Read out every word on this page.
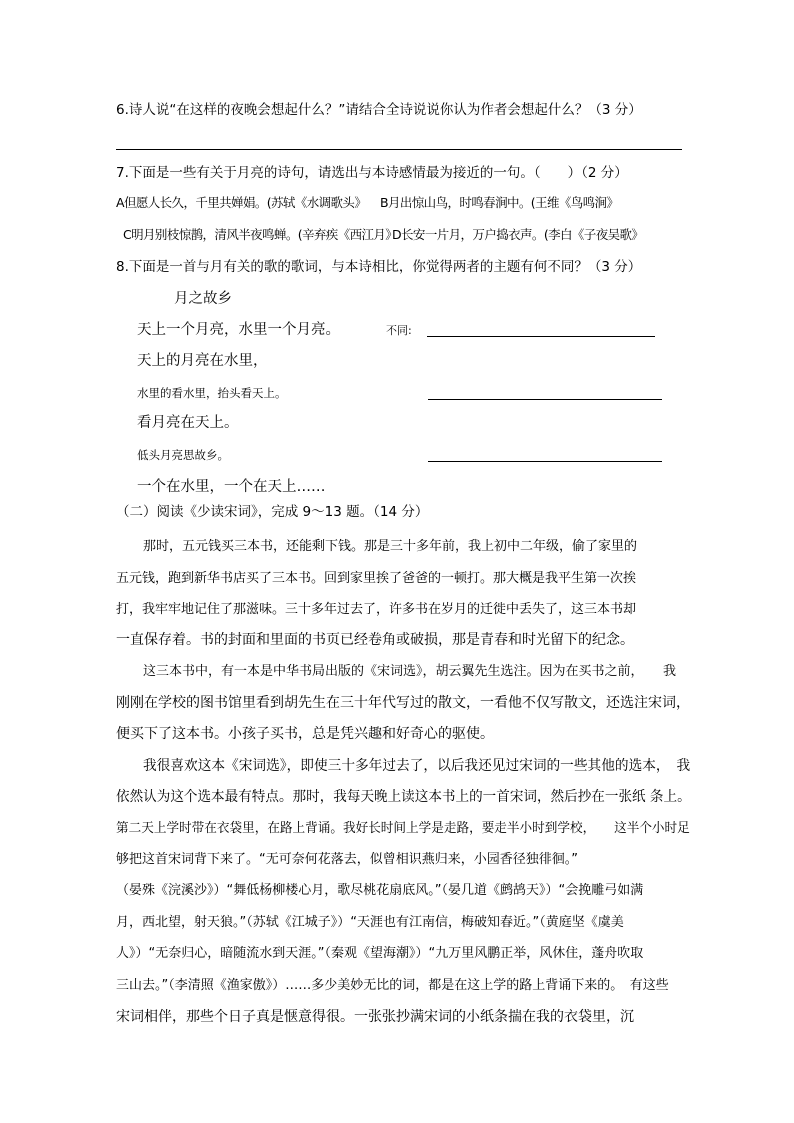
6.诗人说“在这样的夜晚会想起什么？”请结合全诗说说你认为作者会想起什么？（3 分）
7.下面是一些有关于月亮的诗句，请选出与本诗感情最为接近的一句。（　　）（2 分）
A但愿人长久，千里共婵娟。(苏轼《水调歌头》 B月出惊山鸟，时鸣春涧中。(王维《鸟鸣涧》
C明月别枝惊鹊，清风半夜鸣蝉。(辛弃疾《西江月》
D长安一片月，万户捣衣声。(李白《子夜吴歌》
8.下面是一首与月有关的歌的歌词，与本诗相比，你觉得两者的主题有何不同？（3 分）
月之故乡
天上一个月亮，水里一个月亮。	不同:
天上的月亮在水里，
水里的看水里，抬头看天上。
看月亮在天上。
低头月亮思故乡。
一个在水里，一个在天上……
（二）阅读《少读宋词》，完成 9～13 题。（14 分）
那时，五元钱买三本书，还能剩下钱。那是三十多年前，我上初中二年级，偷了家里的
五元钱，跑到新华书店买了三本书。回到家里挨了爸爸的一顿打。那大概是我平生第一次挨
打，我牢牢地记住了那滋味。三十多年过去了，许多书在岁月的迁徙中丢失了，这三本书却
一直保存着。书的封面和里面的书页已经卷角或破损，那是青春和时光留下的纪念。
这三本书中，有一本是中华书局出版的《宋词选》，胡云翼先生选注。因为在买书之前，　　我
刚刚在学校的图书馆里看到胡先生在三十年代写过的散文，一看他不仅写散文，还选注宋词，
便买下了这本书。小孩子买书，总是凭兴趣和好奇心的驱使。
我很喜欢这本《宋词选》，即使三十多年过去了，以后我还见过宋词的一些其他的选本，　我
依然认为这个选本最有特点。那时，我每天晚上读这本书上的一首宋词，然后抄在一张纸 条上。
第二天上学时带在衣袋里，在路上背诵。我好长时间上学是走路，要走半小时到学校，　　这半个小时足
够把这首宋词背下来了。“无可奈何花落去，似曾相识燕归来，小园香径独徘徊。”
（晏殊《浣溪沙》）“舞低杨柳楼心月，歌尽桃花扇底风。”（晏几道《鹧鸪天》）“会挽雕弓如满
月，西北望，射天狼。”（苏轼《江城子》）“天涯也有江南信，梅破知春近。”（黄庭坚《虞美
人》）“无奈归心，暗随流水到天涯。”（秦观《望海潮》）“九万里风鹏正举，风休住，蓬舟吹取
三山去。”（李清照《渔家傲》）……多少美妙无比的词，都是在这上学的路上背诵下来的。　有这些
宋词相伴，那些个日子真是惬意得很。一张张抄满宋词的小纸条揣在我的衣袋里，沉
